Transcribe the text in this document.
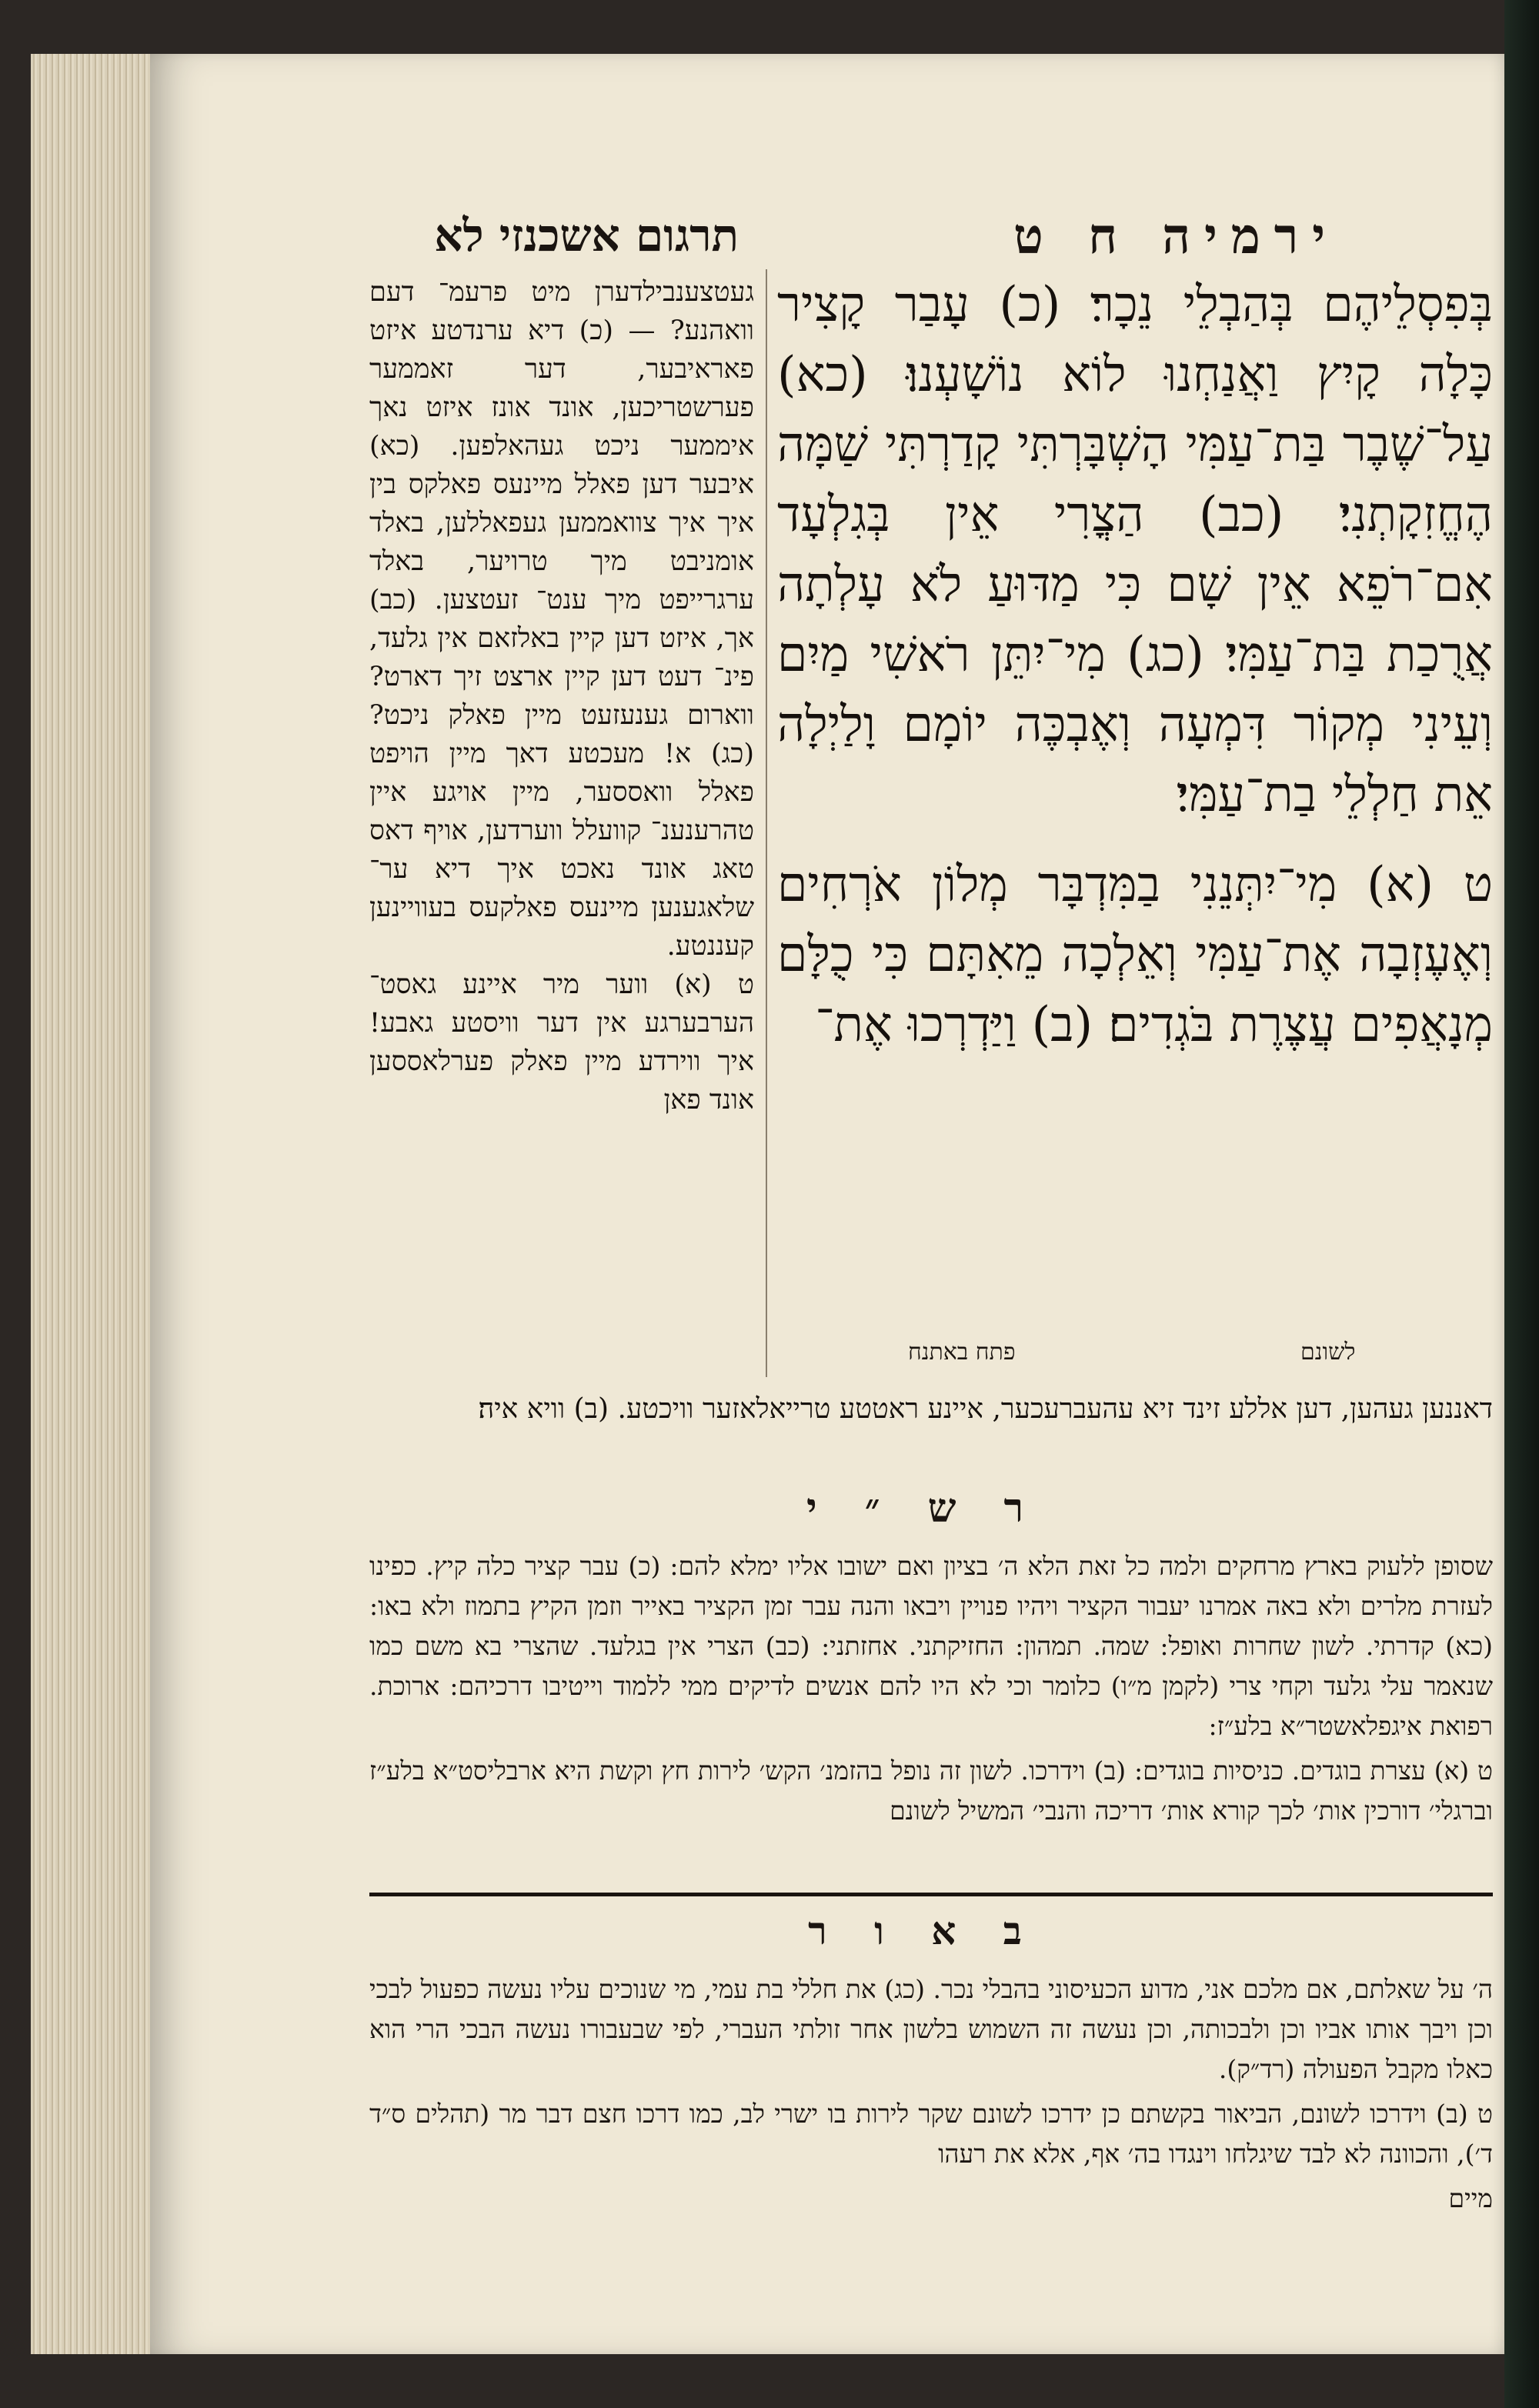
ירמיה ח ט
תרגום אשכנזי לא

בְּפִסְלֵיהֶם בְּהַבְלֵי נֵכָר׃ (כ) עָבַר קָצִיר כָּלָה קָיִץ וַאֲנַחְנוּ לוֹא נוֹשָׁעְנוּ׃ (כא) עַל־שֶׁבֶר בַּת־עַמִּי הָשְׁבָּרְתִּי קָדַרְתִּי שַׁמָּה הֶחֱזִקָתְנִי׃ (כב) הַצֳרִי אֵין בְּגִלְעָד אִם־רֹפֵא אֵין שָׁם כִּי מַדּוּעַ לֹא עָלְתָה אֲרֻכַת בַּת־עַמִּי׃ (כג) מִי־יִתֵּן רֹאשִׁי מַיִם וְעֵינִי מְקוֹר דִּמְעָה וְאֶבְכֶּה יוֹמָם וָלַיְלָה אֵת חַלְלֵי בַת־עַמִּי׃

ט (א) מִי־יִתְּנֵנִי בַמִּדְבָּר מְלוֹן אֹרְחִים וְאֶעֶזְבָה אֶת־עַמִּי וְאֵלְכָה מֵאִתָּם כִּי כֻלָּם מְנָאֲפִים עֲצֶרֶת בֹּגְדִים׃ (ב) וַיַּדְרְכוּ אֶת־

געטצענבילדערן מיט פרעמ־ דעם וואהנע? — (כ) דיא ערנדטע איזט פאראיבער, דער זאממער פערשטריכען, אונד אונז איזט נאך איממער ניכט געהאלפען. (כא) איבער דען פאלל מיינעס פאלקס בין איך איך צוואממען געפאללען, באלד אומניבט מיך טרויער, באלד ערגרייפט מיך ענט־ זעטצען. (כב) אך, איזט דען קיין באלזאם אין גלעד, פינ־ דעט דען קיין ארצט זיך דארט? ווארום גענעזעט מיין פאלק ניכט? (כג) א! מעכטע דאך מיין הויפט פאלל וואססער, מיין אויגע איין טהרענענ־ קוועלל ווערדען, אויף דאס טאג אונד נאכט איך דיא ער־ שלאגענען מיינעס פאלקעס בעוויינען קעננטע.

ט (א) ווער מיר איינע גאסט־ הערבערגע אין דער וויסטע גאבע! איך ווירדע מיין פאלק פערלאססען אונד פאן

פתח באתנח	לשונם

דאננען געהען, דען אללע זינד זיא עהעברעכער, איינע ראטטע טרייאלאזער וויכטע. (ב) וויא איה׃

ר ש ״ י

שסופן ללעוק בארץ מרחקים ולמה כל זאת הלא ה׳ בציון ואם ישובו אליו ימלא להם: (כ) עבר קציר כלה קיץ. כפינו לעזרת מלרים ולא באה אמרנו יעבור הקציר ויהיו פנויין ויבאו והנה עבר זמן הקציר באייר וזמן הקיץ בתמוז ולא באו: (כא) קדרתי. לשון שחרות ואופל: שמה. תמהון: החזיקתני. אחזתני: (כב) הצרי אין בגלעד. שהצרי בא משם כמו שנאמר עלי גלעד וקחי צרי (לקמן מ״ו) כלומר וכי לא היו להם אנשים לדיקים ממי ללמוד וייטיבו דרכיהם: ארוכת. רפואת איגפלאשטר״א בלע״ז:

ט (א) עצרת בוגדים. כניסיות בוגדים: (ב) וידרכו. לשון זה נופל בהזמנ׳ הקש׳ לירות חץ וקשת היא ארבליסט״א בלע״ז וברגלי׳ דורכין אות׳ לכך קורא אות׳ דריכה והנבי׳ המשיל לשונם

ב א ו ר

ה׳ על שאלתם, אם מלכם אני, מדוע הכעיסוני בהבלי נכר. (כג) את חללי בת עמי, מי שנוכים עליו נעשה כפעול לבכי וכן ויבך אותו אביו וכן ולבכותה, וכן נעשה זה השמוש בלשון אחר זולתי העברי, לפי שבעבורו נעשה הבכי הרי הוא כאלו מקבל הפעולה (רד״ק).

ט (ב) וידרכו לשונם, הביאור בקשתם כן ידרכו לשונם שקר לירות בו ישרי לב, כמו דרכו חצם דבר מר (תהלים ס״ד ד׳), והכוונה לא לבד שיגלחו וינגדו בה׳ אף, אלא את רעהו

מיים
